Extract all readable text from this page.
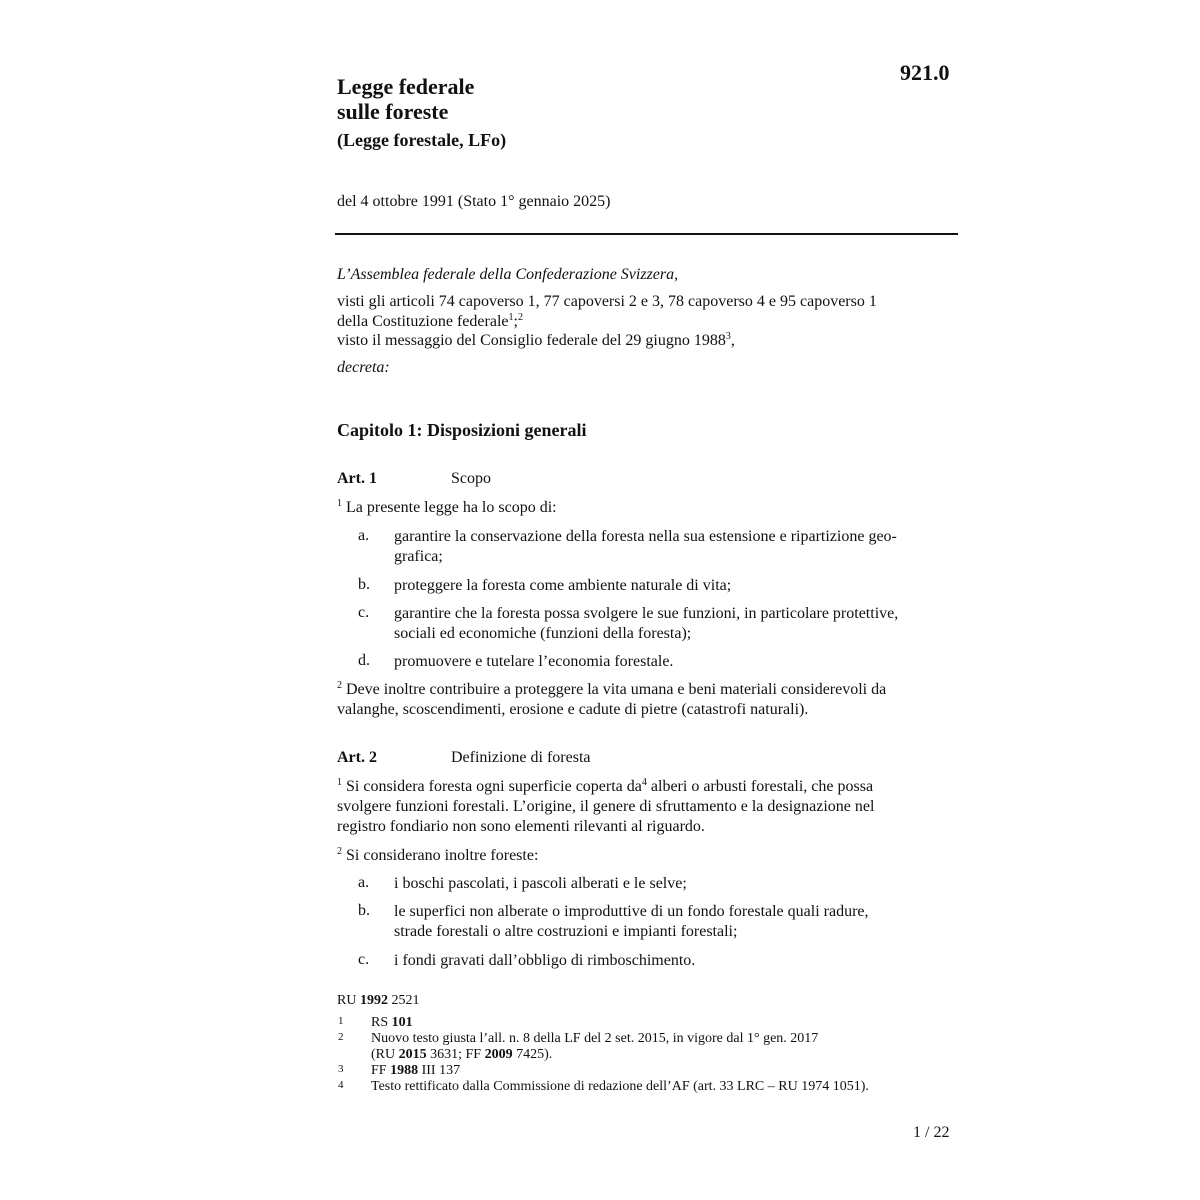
921.0
Legge federale
sulle foreste
(Legge forestale, LFo)
del 4 ottobre 1991 (Stato 1° gennaio 2025)
L’Assemblea federale della Confederazione Svizzera,
visti gli articoli 74 capoverso 1, 77 capoversi 2 e 3, 78 capoverso 4 e 95 capoverso 1
della Costituzione federale$^1$;$^2$
visto il messaggio del Consiglio federale del 29 giugno 1988$^3$,
decreta:
Capitolo 1: Disposizioni generali
Art. 1	Scopo
$^1$ La presente legge ha lo scopo di:
a. garantire la conservazione della foresta nella sua estensione e ripartizione geo-
grafica;
b. proteggere la foresta come ambiente naturale di vita;
c. garantire che la foresta possa svolgere le sue funzioni, in particolare protettive,
sociali ed economiche (funzioni della foresta);
d. promuovere e tutelare l’economia forestale.
$^2$ Deve inoltre contribuire a proteggere la vita umana e beni materiali considerevoli da
valanghe, scoscendimenti, erosione e cadute di pietre (catastrofi naturali).
Art. 2	Definizione di foresta
$^1$ Si considera foresta ogni superficie coperta $da^4$ alberi o arbusti forestali, che possa
svolgere funzioni forestali. L’origine, il genere di sfruttamento e la designazione nel
registro fondiario non sono elementi rilevanti al riguardo.
$^2$ Si considerano inoltre foreste:
a. i boschi pascolati, i pascoli alberati e le selve;
b. le superfici non alberate o improduttive di un fondo forestale quali radure,
strade forestali o altre costruzioni e impianti forestali;
c. i fondi gravati dall’obbligo di rimboschimento.
RU 1992 2521
1 RS 101
2 Nuovo testo giusta l’all. n. 8 della LF del 2 set. 2015, in vigore dal 1° gen. 2017
(RU 2015 3631; FF 2009 7425).
3 FF 1988 III 137
4 Testo rettificato dalla Commissione di redazione dell’AF (art. 33 LRC – RU 1974 1051).
1 / 22
